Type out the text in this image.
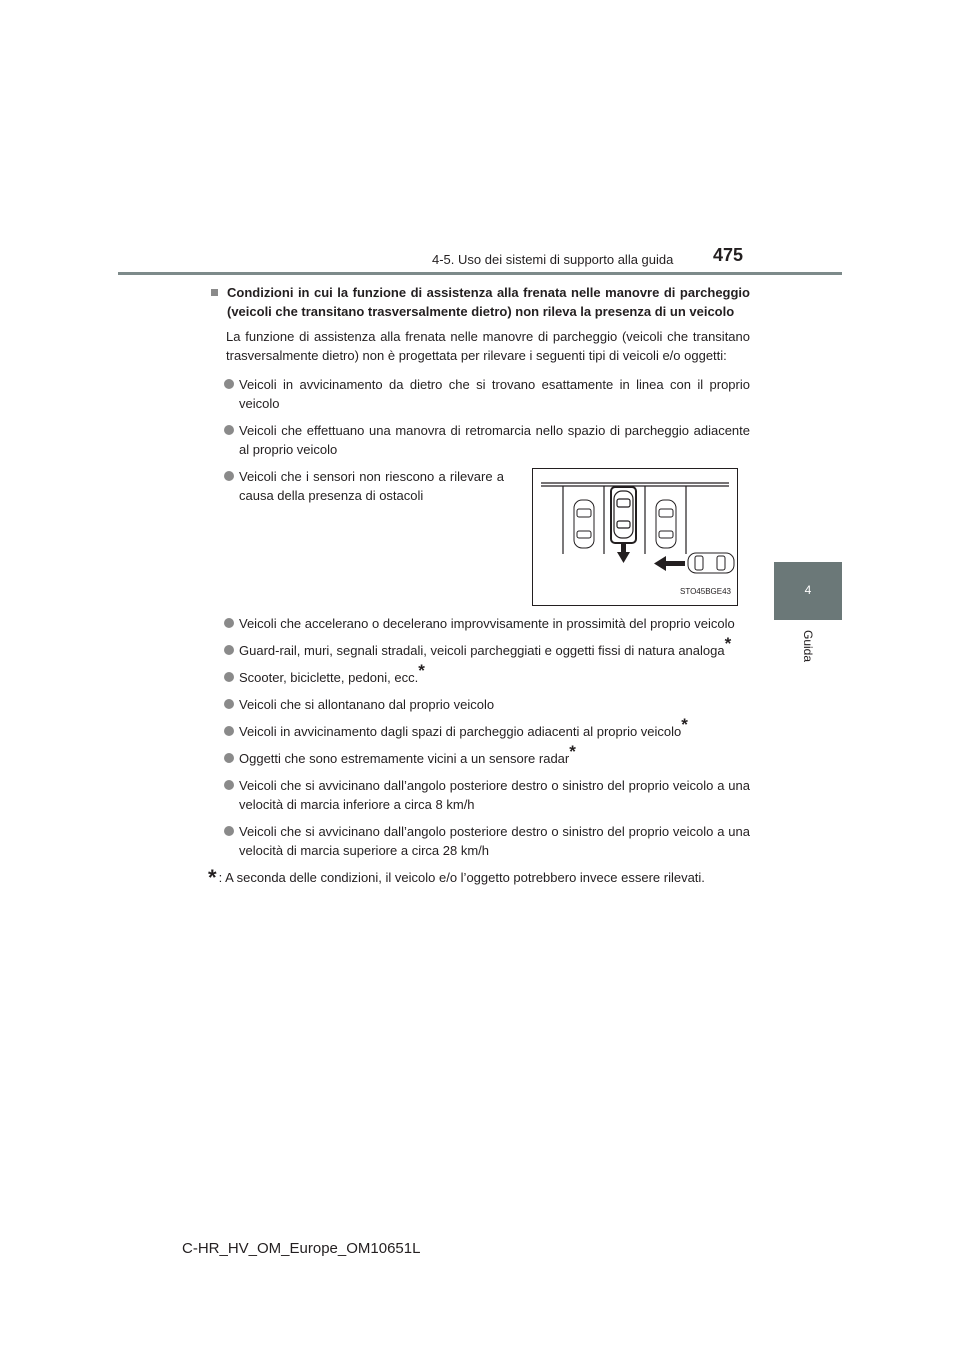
4-5. Uso dei sistemi di supporto alla guida 475
4
Guida
Condizioni in cui la funzione di assistenza alla frenata nelle manovre di parcheggio (veicoli che transitano trasversalmente dietro) non rileva la presenza di un veicolo
La funzione di assistenza alla frenata nelle manovre di parcheggio (veicoli che transitano trasversalmente dietro) non è progettata per rilevare i seguenti tipi di veicoli e/o oggetti:
Veicoli in avvicinamento da dietro che si trovano esattamente in linea con il proprio veicolo
Veicoli che effettuano una manovra di retromarcia nello spazio di parcheggio adiacente al proprio veicolo
Veicoli che i sensori non riescono a rilevare a causa della presenza di ostacoli
STO45BGE43
Veicoli che accelerano o decelerano improvvisamente in prossimità del proprio veicolo
Guard-rail, muri, segnali stradali, veicoli parcheggiati e oggetti fissi di natura analoga*
Scooter, biciclette, pedoni, ecc.*
Veicoli che si allontanano dal proprio veicolo
Veicoli in avvicinamento dagli spazi di parcheggio adiacenti al proprio veicolo*
Oggetti che sono estremamente vicini a un sensore radar*
Veicoli che si avvicinano dall’angolo posteriore destro o sinistro del proprio veicolo a una velocità di marcia inferiore a circa 8 km/h
Veicoli che si avvicinano dall’angolo posteriore destro o sinistro del proprio veicolo a una velocità di marcia superiore a circa 28 km/h
* : A seconda delle condizioni, il veicolo e/o l’oggetto potrebbero invece essere rilevati.
C-HR_HV_OM_Europe_OM10651L
